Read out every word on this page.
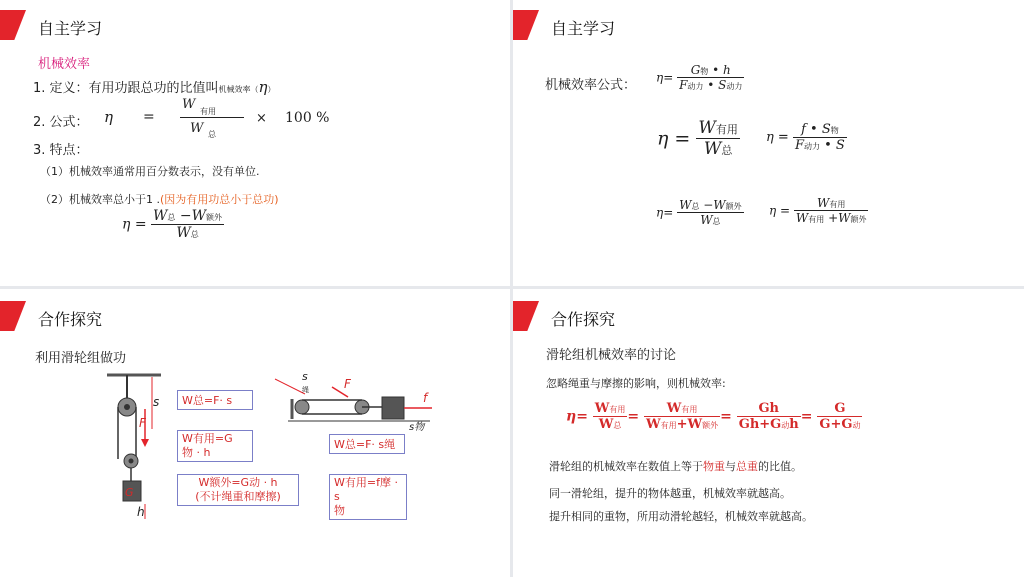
自主学习
机械效率
1. 定义：有用功跟总功的比值叫机械效率（η）
2. 公式： η =
W 有用
W 总
× 100 %
3. 特点：
（1）机械效率通常用百分数表示，没有单位.
（2）机械效率总小于1 .(因为有用功总小于总功)
$\eta = \frac{\text{W总 −W额外}}{\text{W总}}$
自主学习
机械效率公式：
$\eta= \frac{\text{G物 • h}}{\text{F动力 • S动力}}$
$\eta = \frac{\text{W有用}}{\text{W总}}$ $\eta = \frac{\text{f • S物}}{\text{F动力 • S}}$
$\eta= \frac{\text{W总 −W额外}}{\text{W总}}$ $\eta = \frac{\text{W有用}}{\text{W有用 +W额外}}$
合作探究
利用滑轮组做功
s
F
G
h
s
绳	F
f
s物
W总=F· s
W有用=G
物 · h
W额外=G动 · h
(不计绳重和摩擦)
W总=F· s绳
W有用=f摩 · s
物
合作探究
滑轮组机械效率的讨论
忽略绳重与摩擦的影响，则机械效率:
$\eta= \frac{\text{W有用}}{\text{W总}} = \frac{\text{W有用}}{\text{W有用+W额外}} = \frac{Gh}{\text{Gh+G动h}} = \frac{G}{\text{G+G动}}$
滑轮组的机械效率在数值上等于物重与总重的比值。
同一滑轮组，提升的物体越重，机械效率就越高。
提升相同的重物，所用动滑轮越轻，机械效率就越高。
